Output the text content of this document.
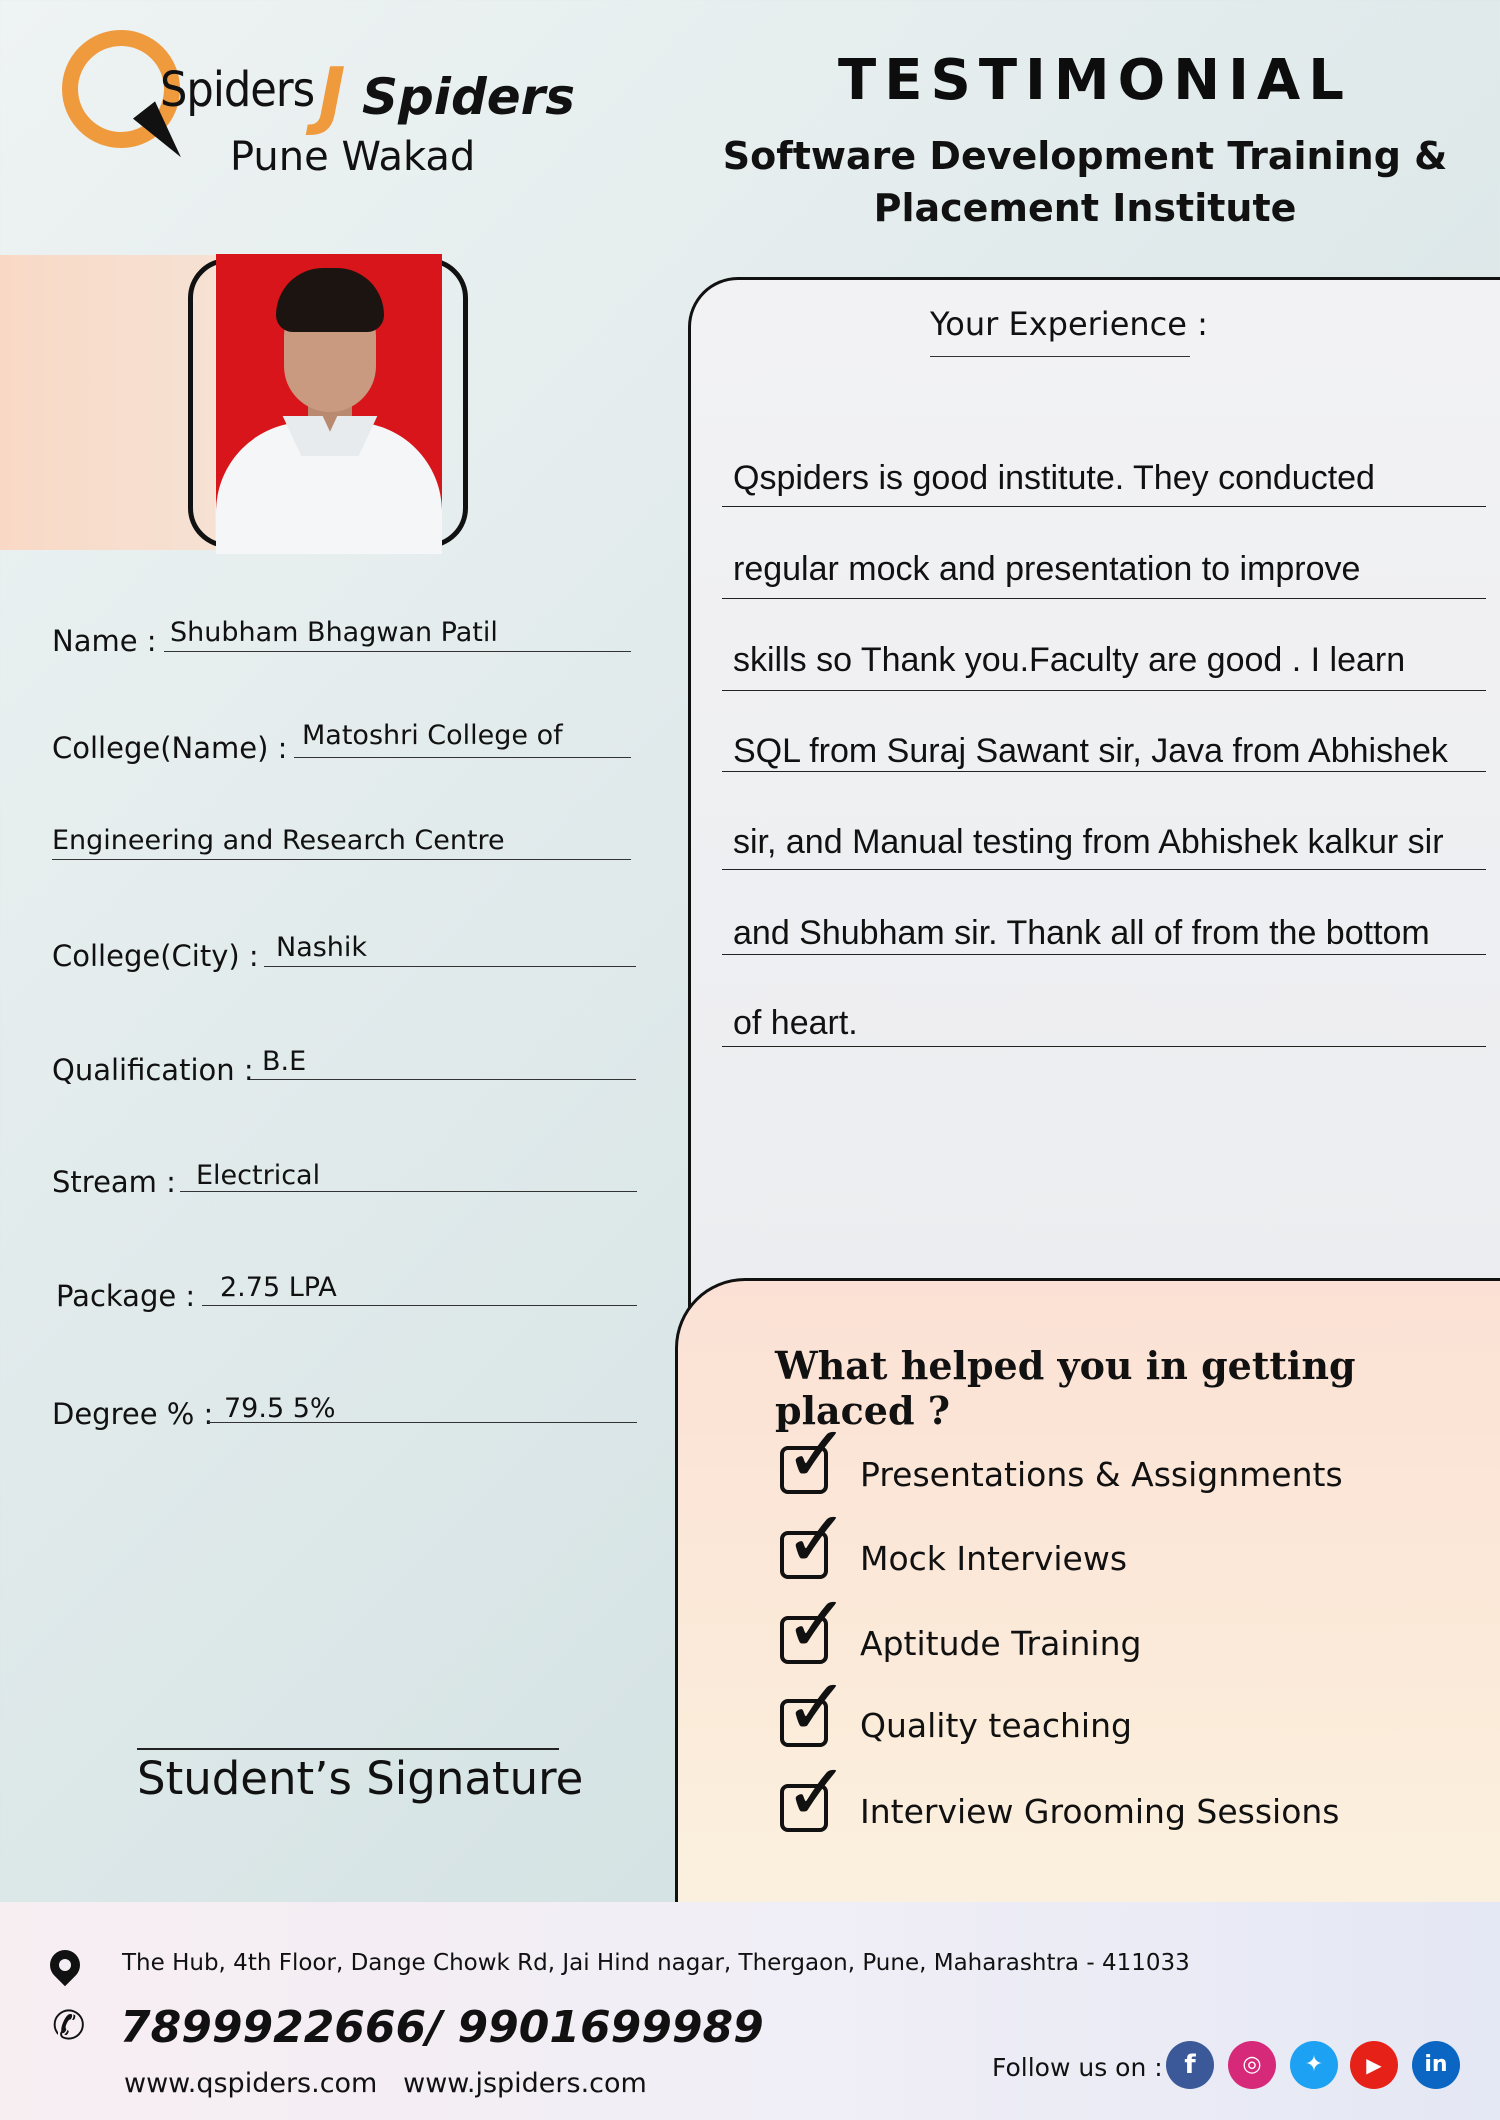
Spiders J Spiders
Pune Wakad
TESTIMONIAL
Software Development Training &
Placement Institute
Name : Shubham Bhagwan Patil
College(Name) : Matoshri College of
Engineering and Research Centre
College(City) : Nashik
Qualification : B.E
Stream : Electrical
Package : 2.75 LPA
Degree % : 79.5 5%
Student’s Signature
Your Experience :
Qspiders is good institute. They conducted
regular mock and presentation to improve
skills so Thank you.Faculty are good . I learn
SQL from Suraj Sawant sir, Java from Abhishek
sir, and Manual testing from Abhishek kalkur sir
and Shubham sir. Thank all of from the bottom
of heart.
What helped you in getting placed ?
✓ Presentations & Assignments
✓ Mock Interviews
✓ Aptitude Training
✓ Quality teaching
✓ Interview Grooming Sessions
The Hub, 4th Floor, Dange Chowk Rd, Jai Hind nagar, Thergaon, Pune, Maharashtra - 411033
✆ 7899922666/ 9901699989
www.qspiders.com   www.jspiders.com
Follow us on : f	◎	✦	▶	in
